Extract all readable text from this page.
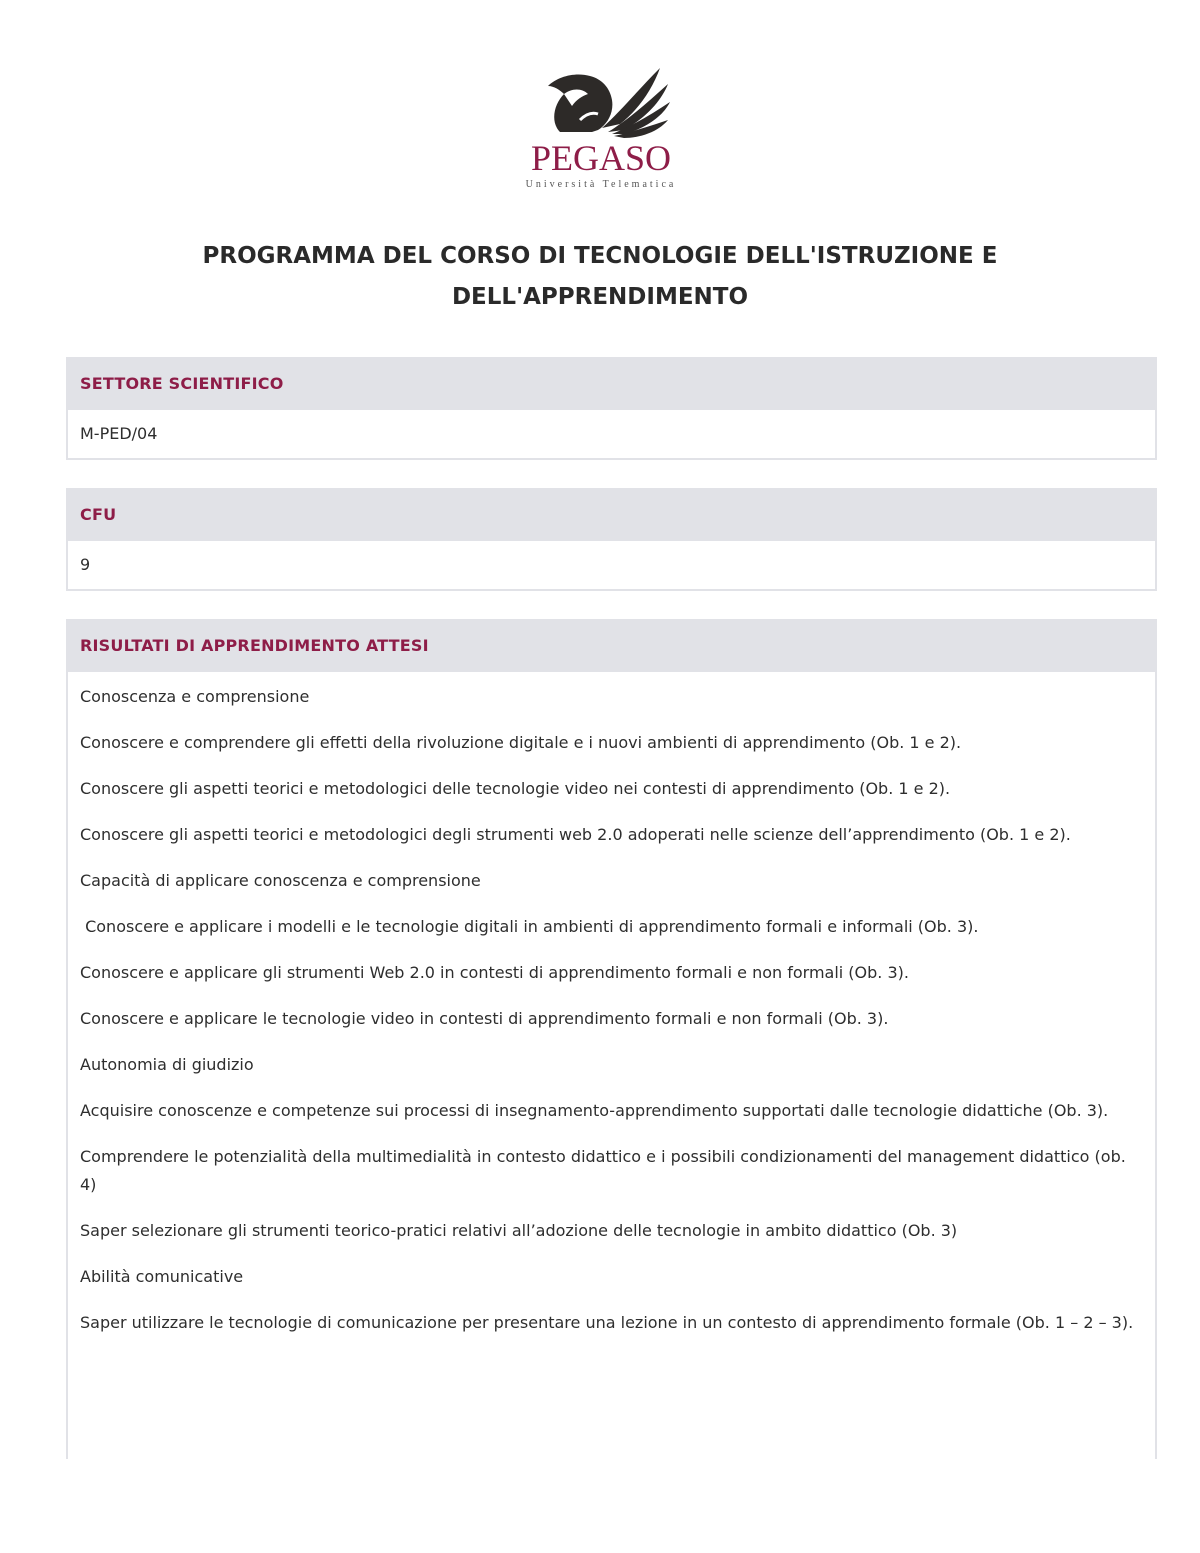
PEGASO
Università Telematica
PROGRAMMA DEL CORSO DI TECNOLOGIE DELL'ISTRUZIONE E
DELL'APPRENDIMENTO
SETTORE SCIENTIFICO
M-PED/04
CFU
9
RISULTATI DI APPRENDIMENTO ATTESI

Conoscenza e comprensione

Conoscere e comprendere gli effetti della rivoluzione digitale e i nuovi ambienti di apprendimento (Ob. 1 e 2).

Conoscere gli aspetti teorici e metodologici delle tecnologie video nei contesti di apprendimento (Ob. 1 e 2).

Conoscere gli aspetti teorici e metodologici degli strumenti web 2.0 adoperati nelle scienze dell’apprendimento (Ob. 1 e 2).

Capacità di applicare conoscenza e comprensione

Conoscere e applicare i modelli e le tecnologie digitali in ambienti di apprendimento formali e informali (Ob. 3).

Conoscere e applicare gli strumenti Web 2.0 in contesti di apprendimento formali e non formali (Ob. 3).

Conoscere e applicare le tecnologie video in contesti di apprendimento formali e non formali (Ob. 3).

Autonomia di giudizio

Acquisire conoscenze e competenze sui processi di insegnamento-apprendimento supportati dalle tecnologie didattiche (Ob. 3).

Comprendere le potenzialità della multimedialità in contesto didattico e i possibili condizionamenti del management didattico (ob. 4)

Saper selezionare gli strumenti teorico-pratici relativi all’adozione delle tecnologie in ambito didattico (Ob. 3)

Abilità comunicative

Saper utilizzare le tecnologie di comunicazione per presentare una lezione in un contesto di apprendimento formale (Ob. 1 – 2 – 3).
